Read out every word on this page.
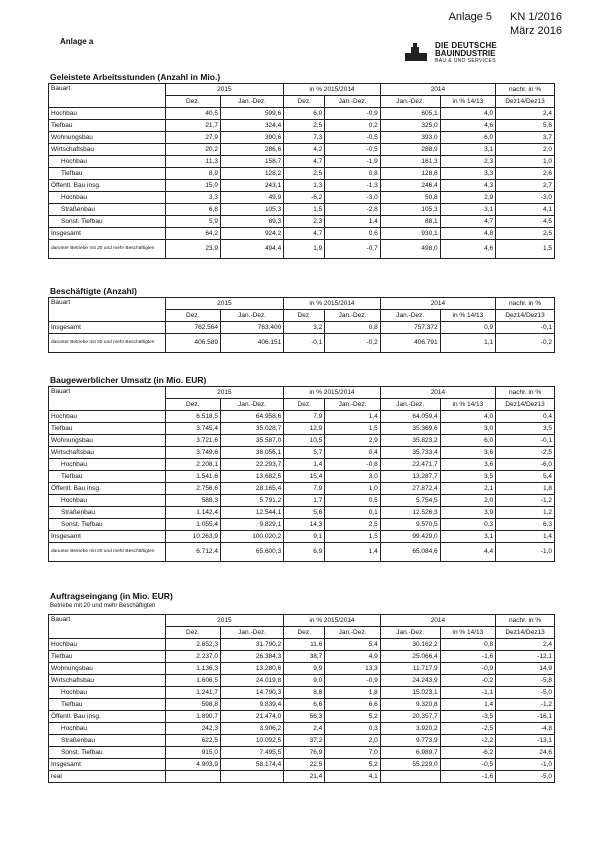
Anlage 5 KN 1/2016
März 2016
Anlage a	DIE DEUTSCHE
BAUINDUSTRIE
BAU & UND SERVICES
Geleistete Arbeitsstunden (Anzahl in Mio.)
Bauart	2015		in % 2015/2014		2014		nachr. in %
	Dez.	Jan.-Dez.	Dez.	Jan.-Dez.	Jan.-Dez.	in % 14/13	Dez14/Dez13
Hochbau	40,5	599,6	6,0	-0,9	605,1	4,0	2,4
Tiefbau	21,7	324,4	2,5	0,2	325,0	4,6	5,6
Wohnungsbau	27,9	390,6	7,3	-0,5	393,0	6,0	3,7
Wirtschaftsbau	20,2	286,6	4,2	-0,5	288,9	3,1	2,0
Hochbau	11,3	158,7	4,7	-1,9	161,3	2,3	1,0
Tiefbau	8,9	128,2	2,5	0,8	128,6	3,3	2,6
Öffentl. Bau insg.	15,0	243,1	1,3	-1,3	246,4	4,3	2,7
Hochbau	3,3	49,9	-6,2	-3,0	50,8	2,9	-3,0
Straßenbau	6,8	105,3	1,5	-2,8	105,3	3,1	4,1
Sonst. Tiefbau	5,9	89,3	2,3	1,4	88,1	4,7	4,5
Insgesamt	64,2	924,2	4,7	0,6	930,1	4,8	2,5
darunter Betriebe mit 20 und mehr Beschäftigten	23,9	494,4	1,9	-0,7	498,0	4,6	1,5
Beschäftigte (Anzahl)
Bauart	2015		in % 2015/2014		2014		nachr. in %
	Dez.	Jan.-Dez.	Dez.	Jan.-Dez.	Jan.-Dez.	in % 14/13	Dez14/Dez13
Insgesamt	762.564	763.400	3,2	0,8	757.372	0,9	-0,1
darunter Betriebe mit 20 und mehr Beschäftigten	406.589	406.151	-0,1	-0,2	406.791	1,1	-0,2
Baugewerblicher Umsatz (in Mio. EUR)
Bauart	2015		in % 2015/2014		2014		nachr. in %
	Dez.	Jan.-Dez.	Dez.	Jan.-Dez.	Jan.-Dez.	in % 14/13	Dez14/Dez13
Hochbau	6.518,5	64.958,6	7,9	1,4	64.059,4	4,0	0,4
Tiefbau	3.745,4	35.028,7	12,9	1,5	35.369,6	3,0	3,5
Wohnungsbau	3.721,6	35.587,0	10,5	2,9	35.823,2	6,0	-0,1
Wirtschaftsbau	3.749,6	36.056,1	5,7	0,4	35.733,4	3,6	-2,5
Hochbau	2.208,1	22.293,7	1,4	-0,8	22.471,7	3,6	-6,0
Tiefbau	1.541,6	13.682,5	15,4	3,0	13.287,7	3,5	5,4
Öffentl. Bau insg.	2.756,6	28.165,4	7,9	1,0	27.872,4	2,1	1,8
Hochbau	588,3	5.791,2	1,7	0,5	5.754,5	2,0	-1,2
Straßenbau	1.142,4	12.544,1	5,6	0,1	12.526,3	3,9	1,2
Sonst. Tiefbau	1.055,4	9.829,1	14,3	2,5	9.570,5	0,3	6,3
Insgesamt	10.263,9	100.020,2	9,1	1,5	99.429,0	3,1	1,4
darunter Betriebe mit 20 und mehr Beschäftigten	6.712,4	65.600,3	6,9	1,4	65.084,6	4,4	-1,0
Auftragseingang (in Mio. EUR)
Betriebe mit 20 und mehr Beschäftigten
Bauart	2015		in % 2015/2014		2014		nachr. in %
	Dez.	Jan.-Dez.	Dez.	Jan.-Dez.	Jan.-Dez.	in % 14/13	Dez14/Dez13
Hochbau	2.652,3	31.790,2	11,6	5,4	30.162,2	0,8	2,4
Tiefbau	2.237,0	26.384,3	38,7	4,9	25.066,4	-1,6	-12,1
Wohnungsbau	1.136,3	13.280,6	9,9	13,3	11.717,9	-0,9	14,9
Wirtschaftsbau	1.606,5	24.019,8	9,0	-0,9	24.243,9	-0,2	-5,8
Hochbau	1.241,7	14.790,3	8,8	1,8	15.023,1	-1,1	-5,0
Tiefbau	598,8	9.839,4	6,6	6,6	9.320,8	1,4	-1,2
Öffentl. Bau insg.	1.890,7	21.474,0	56,3	5,2	20.357,7	-3,5	-16,1
Hochbau	242,3	3.906,2	2,4	0,3	3.920,2	-2,5	-4,8
Straßenbau	622,5	10.092,5	37,2	2,0	9.773,9	-2,2	-13,1
Sonst. Tiefbau	915,0	7.495,5	76,9	7,0	6.989,7	-6,2	24,6
Insgesamt	4.903,9	58.174,4	22,5	5,2	55.229,0	-0,5	-1,0
real			21,4	4,1		-1,6	-5,0
